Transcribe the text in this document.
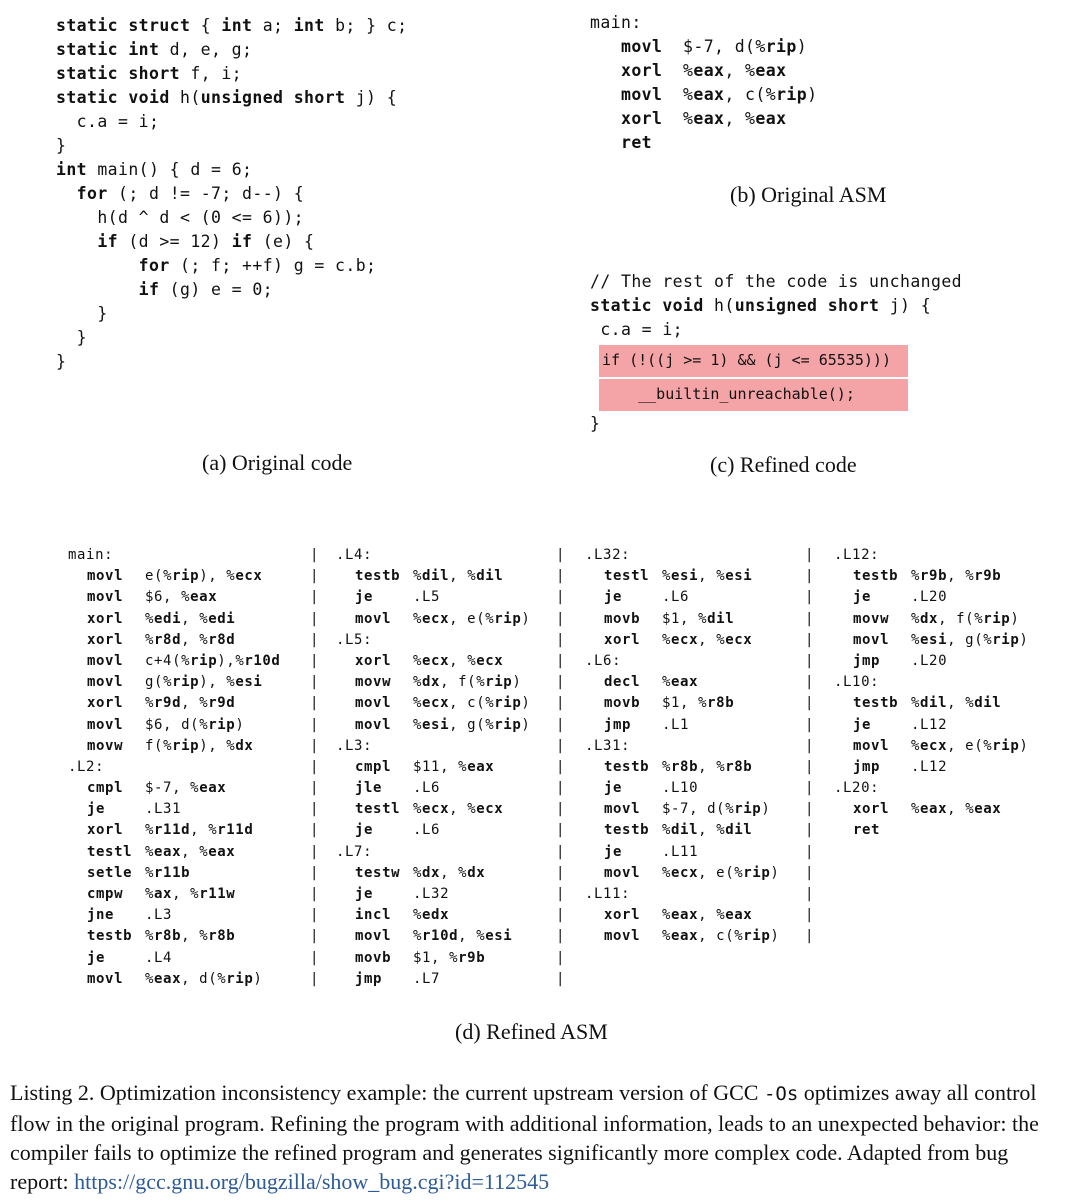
static struct { int a; int b; } c;
static int d, e, g;
static short f, i;
static void h(unsigned short j) {
c.a = i;
}
int main() { d = 6;
for (; d != -7; d--) {
h(d ^ d < (0 <= 6));
if (d >= 12) if (e) {
for (; f; ++f) g = c.b;
if (g) e = 0;
}
}
}
(a) Original code
main:
movl  $-7, d(%rip)
xorl  %eax, %eax
movl  %eax, c(%rip)
xorl  %eax, %eax
ret
(b) Original ASM
// The rest of the code is unchanged
static void h(unsigned short j) {
c.a = i;
if (!((j >= 1) && (j <= 65535)))
__builtin_unreachable();
}
(c) Refined code
main:
movl e(%rip), %ecx
movl $6, %eax
xorl %edi, %edi
xorl %r8d, %r8d
movl c+4(%rip),%r10d
movl g(%rip), %esi
xorl %r9d, %r9d
movl $6, d(%rip)
movw f(%rip), %dx
.L2:
cmpl $-7, %eax
je	.L31
xorl %r11d, %r11d
testl %eax, %eax
setle %r11b
cmpw %ax, %r11w
jne .L3
testb %r8b, %r8b
je	.L4
movl %eax, d(%rip)
|
|
|
|
|
|
|
|
|
|
|
|
|
|
|
|
|
|
|
|
|
.L4:
testb %dil, %dil
je	.L5
movl %ecx, e(%rip)
.L5:
xorl %ecx, %ecx
movw %dx, f(%rip)
movl %ecx, c(%rip)
movl %esi, g(%rip)
.L3:
cmpl $11, %eax
jle .L6
testl %ecx, %ecx
je	.L6
.L7:
testw %dx, %dx
je	.L32
incl %edx
movl %r10d, %esi
movb $1, %r9b
jmp .L7
|
|
|
|
|
|
|
|
|
|
|
|
|
|
|
|
|
|
|
|
|
.L32:
testl %esi, %esi
je	.L6
movb $1, %dil
xorl %ecx, %ecx
.L6:
decl %eax
movb $1, %r8b
jmp .L1
.L31:
testb %r8b, %r8b
je	.L10
movl $-7, d(%rip)
testb %dil, %dil
je	.L11
movl %ecx, e(%rip)
.L11:
xorl %eax, %eax
movl %eax, c(%rip)
|
|
|
|
|
|
|
|
|
|
|
|
|
|
|
|
|
|
|
.L12:
testb %r9b, %r9b
je	.L20
movw %dx, f(%rip)
movl %esi, g(%rip)
jmp .L20
.L10:
testb %dil, %dil
je	.L12
movl %ecx, e(%rip)
jmp .L12
.L20:
xorl %eax, %eax
ret
(d) Refined ASM
Listing 2. Optimization inconsistency example: the current upstream version of GCC -Os optimizes away all control flow in the original program. Refining the program with additional information, leads to an unexpected behavior: the compiler fails to optimize the refined program and generates significantly more complex code. Adapted from bug report: https://gcc.gnu.org/bugzilla/show_bug.cgi?id=112545
